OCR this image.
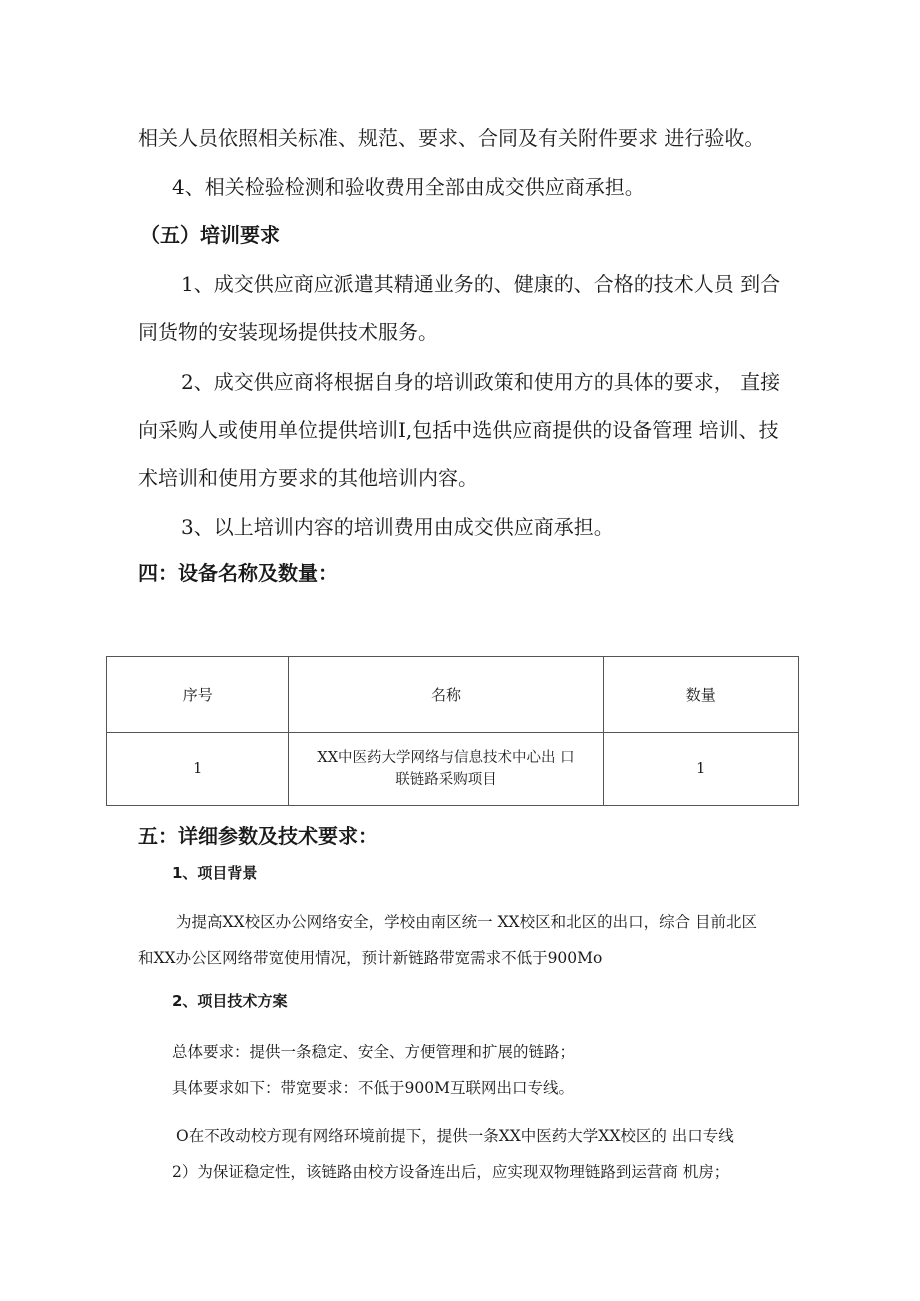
相关人员依照相关标准、规范、要求、合同及有关附件要求 进行验收。
4、相关检验检测和验收费用全部由成交供应商承担。
（五）培训要求
1、成交供应商应派遣其精通业务的、健康的、合格的技术人员 到合
同货物的安装现场提供技术服务。
2、成交供应商将根据自身的培训政策和使用方的具体的要求， 直接
向采购人或使用单位提供培训I,包括中选供应商提供的设备管理 培训、技
术培训和使用方要求的其他培训内容。
3、以上培训内容的培训费用由成交供应商承担。
四：设备名称及数量：
序号	名称	数量
1	XX中医药大学网络与信息技术中心出 口
联链路采购项目	1
五：详细参数及技术要求：
1、项目背景
为提高XX校区办公网络安全，学校由南区统一 XX校区和北区的出口，综合 目前北区
和XX办公区网络带宽使用情况，预计新链路带宽需求不低于900Mo
2、项目技术方案
总体要求：提供一条稳定、安全、方便管理和扩展的链路；
具体要求如下：带宽要求：不低于900M互联网出口专线。
O在不改动校方现有网络环境前提下，提供一条XX中医药大学XX校区的 出口专线
2）为保证稳定性，该链路由校方设备连出后，应实现双物理链路到运营商 机房；
